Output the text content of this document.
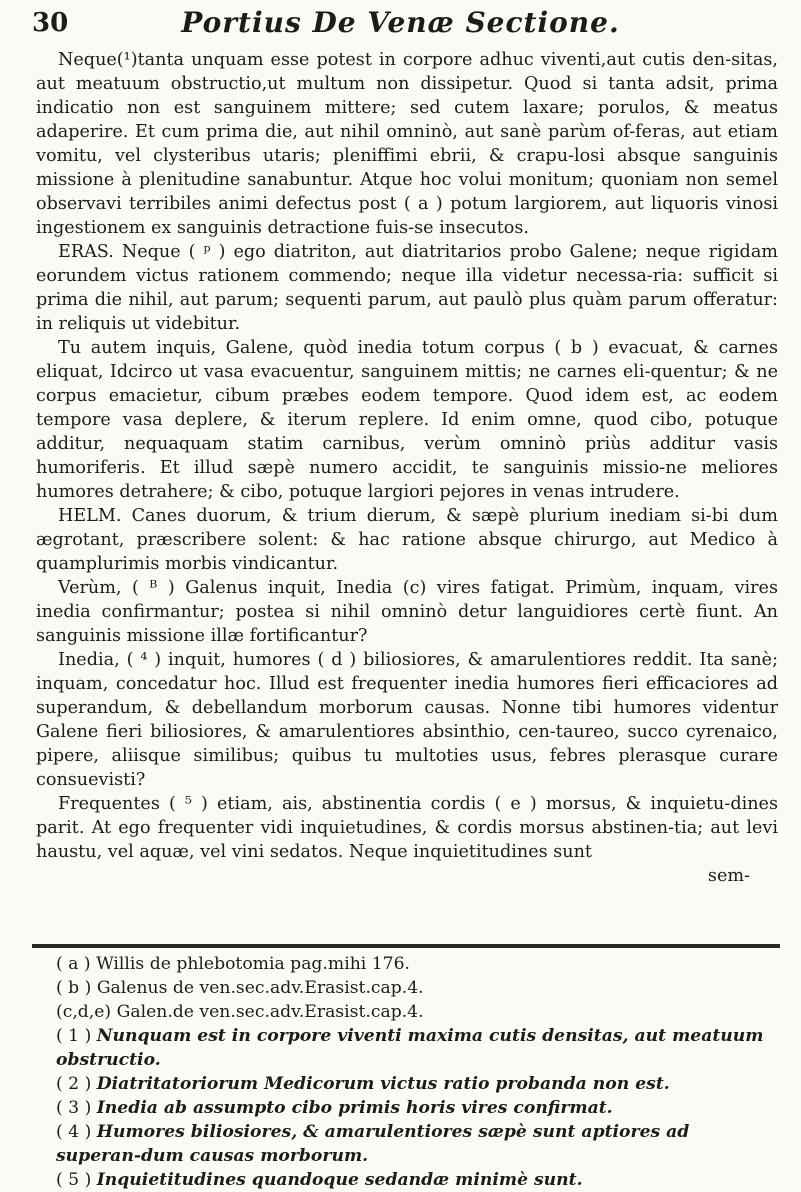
30	Portius De Venæ Sectione.

Neque(¹)tanta unquam esse potest in corpore adhuc viventi,aut cutis den-sitas, aut meatuum obstructio,ut multum non dissipetur. Quod si tanta adsit, prima indicatio non est sanguinem mittere; sed cutem laxare; porulos, & meatus adaperire. Et cum prima die, aut nihil omninò, aut sanè parùm of-feras, aut etiam vomitu, vel clysteribus utaris; pleniffimi ebrii, & crapu-losi absque sanguinis missione à plenitudine sanabuntur. Atque hoc volui monitum; quoniam non semel observavi terribiles animi defectus post ( a ) potum largiorem, aut liquoris vinosi ingestionem ex sanguinis detractione fuis-se insecutos.

ERAS. Neque ( ᵖ ) ego diatriton, aut diatritarios probo Galene; neque rigidam eorundem victus rationem commendo; neque illa videtur necessa-ria: sufficit si prima die nihil, aut parum; sequenti parum, aut paulò plus quàm parum offeratur: in reliquis ut videbitur.

Tu autem inquis, Galene, quòd inedia totum corpus ( b ) evacuat, & carnes eliquat, Idcirco ut vasa evacuentur, sanguinem mittis; ne carnes eli-quentur; & ne corpus emacietur, cibum præbes eodem tempore. Quod idem est, ac eodem tempore vasa deplere, & iterum replere. Id enim omne, quod cibo, potuque additur, nequaquam statim carnibus, verùm omninò priùs additur vasis humoriferis. Et illud sæpè numero accidit, te sanguinis missio-ne meliores humores detrahere; & cibo, potuque largiori pejores in venas intrudere.

HELM. Canes duorum, & trium dierum, & sæpè plurium inediam si-bi dum ægrotant, præscribere solent: & hac ratione absque chirurgo, aut Medico à quamplurimis morbis vindicantur.

Verùm, ( ᴮ ) Galenus inquit, Inedia (c) vires fatigat. Primùm, inquam, vires inedia confirmantur; postea si nihil omninò detur languidiores certè fiunt. An sanguinis missione illæ fortificantur?

Inedia, ( ⁴ ) inquit, humores ( d ) biliosiores, & amarulentiores reddit. Ita sanè; inquam, concedatur hoc. Illud est frequenter inedia humores fieri efficaciores ad superandum, & debellandum morborum causas. Nonne tibi humores videntur Galene fieri biliosiores, & amarulentiores absinthio, cen-taureo, succo cyrenaico, pipere, aliisque similibus; quibus tu multoties usus, febres plerasque curare consuevisti?

Frequentes ( ⁵ ) etiam, ais, abstinentia cordis ( e ) morsus, & inquietu-dines parit. At ego frequenter vidi inquietudines, & cordis morsus abstinen-tia; aut levi haustu, vel aquæ, vel vini sedatos. Neque inquietitudines sunt

sem-

( a ) Willis de phlebotomia pag.mihi 176.
( b ) Galenus de ven.sec.adv.Erasist.cap.4.
(c,d,e) Galen.de ven.sec.adv.Erasist.cap.4.
( 1 ) Nunquam est in corpore viventi maxima cutis densitas, aut meatuum obstructio.
( 2 ) Diatritatoriorum Medicorum victus ratio probanda non est.
( 3 ) Inedia ab assumpto cibo primis horis vires confirmat.
( 4 ) Humores biliosiores, & amarulentiores sæpè sunt aptiores ad superan-dum causas morborum.
( 5 ) Inquietitudines quandoque sedandæ minimè sunt.
